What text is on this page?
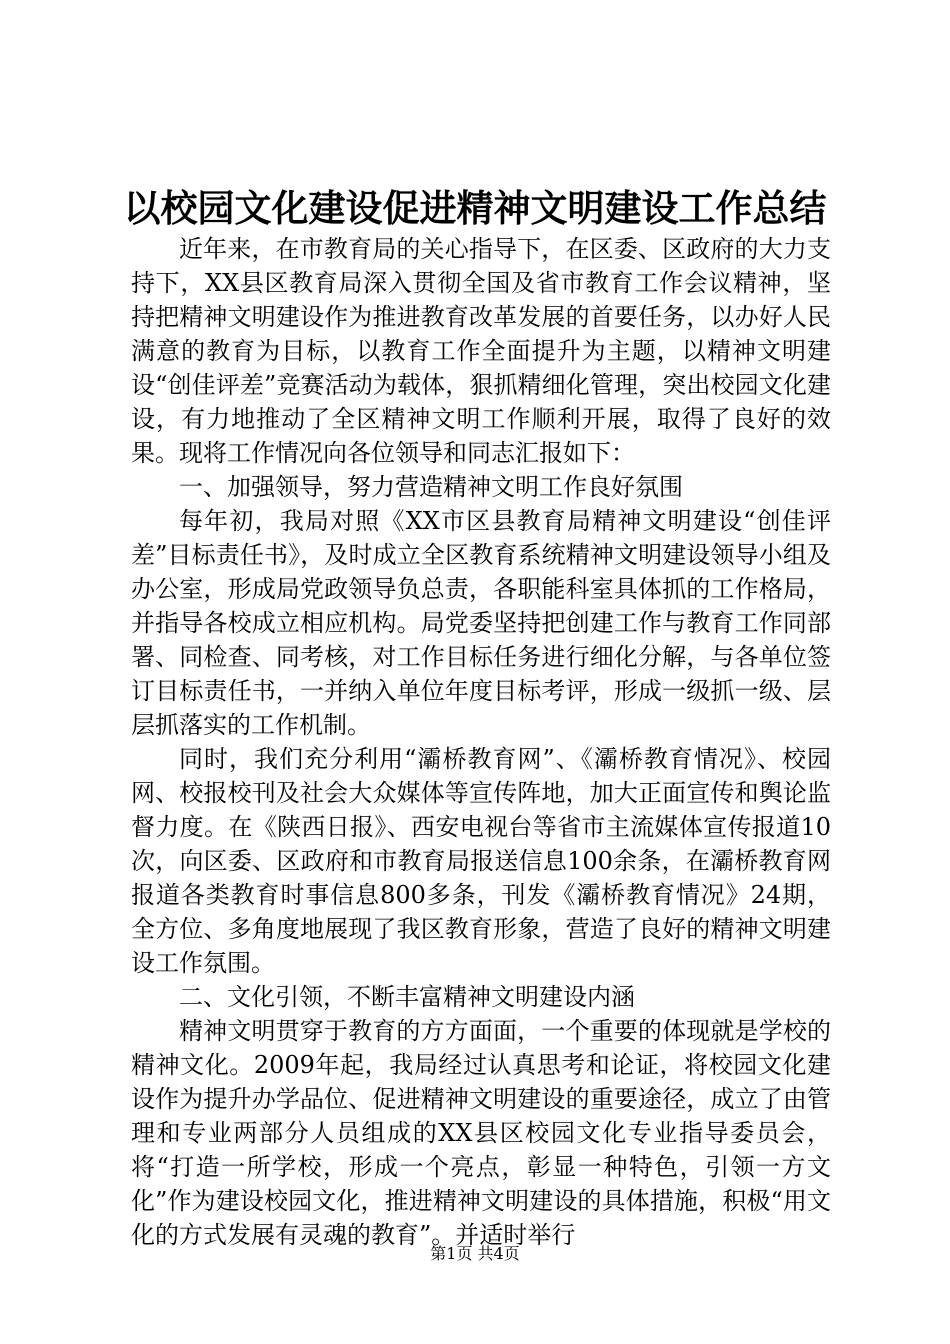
以校园文化建设促进精神文明建设工作总结

近年来，在市教育局的关心指导下，在区委、区政府的大力支持下，XX县区教育局深入贯彻全国及省市教育工作会议精神，坚持把精神文明建设作为推进教育改革发展的首要任务，以办好人民满意的教育为目标，以教育工作全面提升为主题，以精神文明建设“创佳评差”竞赛活动为载体，狠抓精细化管理，突出校园文化建设，有力地推动了全区精神文明工作顺利开展，取得了良好的效果。现将工作情况向各位领导和同志汇报如下：

一、加强领导，努力营造精神文明工作良好氛围

每年初，我局对照《XX市区县教育局精神文明建设“创佳评差”目标责任书》，及时成立全区教育系统精神文明建设领导小组及办公室，形成局党政领导负总责，各职能科室具体抓的工作格局，并指导各校成立相应机构。局党委坚持把创建工作与教育工作同部署、同检查、同考核，对工作目标任务进行细化分解，与各单位签订目标责任书，一并纳入单位年度目标考评，形成一级抓一级、层层抓落实的工作机制。

同时，我们充分利用“灞桥教育网”、《灞桥教育情况》、校园网、校报校刊及社会大众媒体等宣传阵地，加大正面宣传和舆论监督力度。在《陕西日报》、西安电视台等省市主流媒体宣传报道10次，向区委、区政府和市教育局报送信息100余条，在灞桥教育网报道各类教育时事信息800多条，刊发《灞桥教育情况》24期，全方位、多角度地展现了我区教育形象，营造了良好的精神文明建设工作氛围。

二、文化引领，不断丰富精神文明建设内涵

精神文明贯穿于教育的方方面面，一个重要的体现就是学校的精神文化。2009年起，我局经过认真思考和论证，将校园文化建设作为提升办学品位、促进精神文明建设的重要途径，成立了由管理和专业两部分人员组成的XX县区校园文化专业指导委员会，将“打造一所学校，形成一个亮点，彰显一种特色，引领一方文化”作为建设校园文化，推进精神文明建设的具体措施，积极“用文化的方式发展有灵魂的教育”。并适时举行

第1页 共4页
